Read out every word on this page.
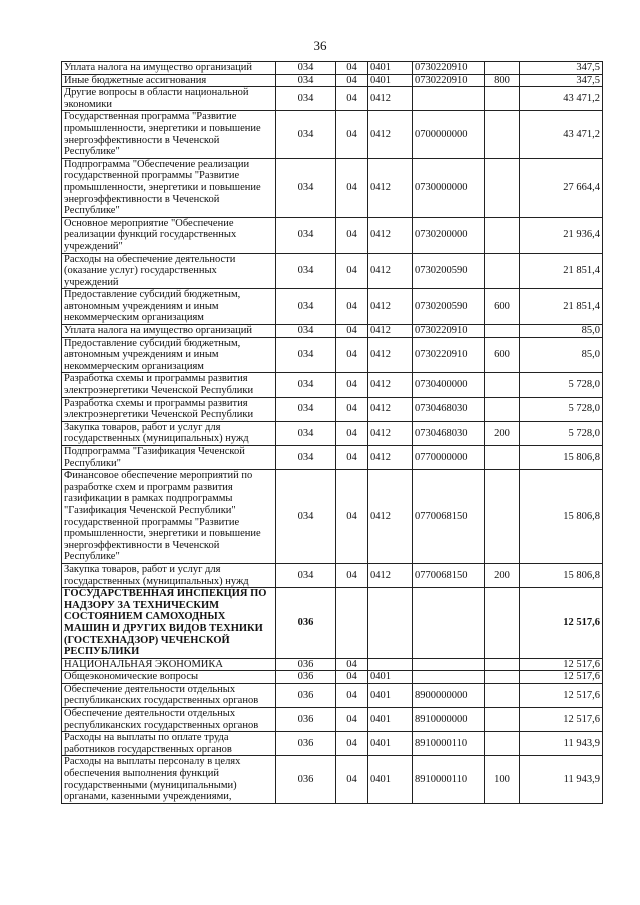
36
Уплата налога на имущество организаций	034	04	0401	0730220910		347,5
Иные бюджетные ассигнования	034	04	0401	0730220910	800	347,5
Другие вопросы в области национальной экономики	034	04	0412			43 471,2
Государственная программа "Развитие промышленности, энергетики и повышение энергоэффективности в Чеченской Республике"	034	04	0412	0700000000		43 471,2
Подпрограмма "Обеспечение реализации государственной программы "Развитие промышленности, энергетики и повышение энергоэффективности в Чеченской Республике"	034	04	0412	0730000000		27 664,4
Основное мероприятие "Обеспечение реализации функций государственных учреждений"	034	04	0412	0730200000		21 936,4
Расходы на обеспечение деятельности (оказание услуг) государственных учреждений	034	04	0412	0730200590		21 851,4
Предоставление субсидий бюджетным, автономным учреждениям и иным некоммерческим организациям	034	04	0412	0730200590	600	21 851,4
Уплата налога на имущество организаций	034	04	0412	0730220910		85,0
Предоставление субсидий бюджетным, автономным учреждениям и иным некоммерческим организациям	034	04	0412	0730220910	600	85,0
Разработка схемы и программы развития электроэнергетики Чеченской Республики	034	04	0412	0730400000		5 728,0
Разработка схемы и программы развития электроэнергетики Чеченской Республики	034	04	0412	0730468030		5 728,0
Закупка товаров, работ и услуг для государственных (муниципальных) нужд	034	04	0412	0730468030	200	5 728,0
Подпрограмма "Газификация Чеченской Республики"	034	04	0412	0770000000		15 806,8
Финансовое обеспечение мероприятий по разработке схем и программ развития газификации в рамках подпрограммы "Газификация Чеченской Республики" государственной программы "Развитие промышленности, энергетики и повышение энергоэффективности в Чеченской Республике"	034	04	0412	0770068150		15 806,8
Закупка товаров, работ и услуг для государственных (муниципальных) нужд	034	04	0412	0770068150	200	15 806,8
ГОСУДАРСТВЕННАЯ ИНСПЕКЦИЯ ПО НАДЗОРУ ЗА ТЕХНИЧЕСКИМ СОСТОЯНИЕМ САМОХОДНЫХ МАШИН И ДРУГИХ ВИДОВ ТЕХНИКИ (ГОСТЕХНАДЗОР) ЧЕЧЕНСКОЙ РЕСПУБЛИКИ	036					12 517,6
НАЦИОНАЛЬНАЯ ЭКОНОМИКА	036	04				12 517,6
Общеэкономические вопросы	036	04	0401			12 517,6
Обеспечение деятельности отдельных республиканских государственных органов	036	04	0401	8900000000		12 517,6
Обеспечение деятельности отдельных республиканских государственных органов	036	04	0401	8910000000		12 517,6
Расходы на выплаты по оплате труда работников государственных органов	036	04	0401	8910000110		11 943,9
Расходы на выплаты персоналу в целях обеспечения выполнения функций государственными (муниципальными) органами, казенными учреждениями,	036	04	0401	8910000110	100	11 943,9
